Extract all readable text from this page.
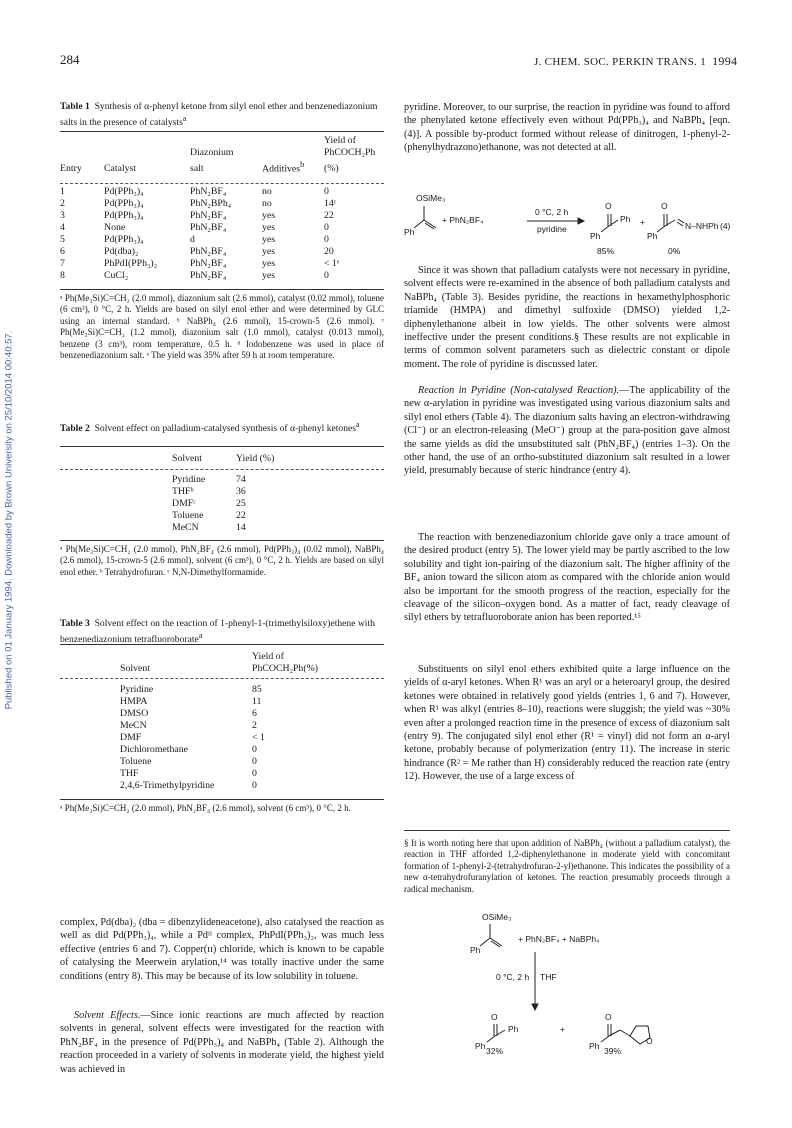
Published on 01 January 1994. Downloaded by Brown University on 25/10/2014 00:40:57.
284	J. CHEM. SOC. PERKIN TRANS. 1 1994
Table 1 Synthesis of α-phenyl ketone from silyl enol ether and benzenediazonium salts in the presence of catalysts$^a$
				Yield of
		Diazonium		PhCOCH₂Ph
Entry	Catalyst	salt	Additives$^b$	(%)
1	Pd(PPh₃)₄	PhN₂BF₄	no	0
2	Pd(PPh₃)₄	PhN₂BPh₄	no	14ᶜ
3	Pd(PPh₃)₄	PhN₂BF₄	yes	22
4	None	PhN₂BF₄	yes	0
5	Pd(PPh₃)₄	d	yes	0
6	Pd(dba)₂	PhN₂BF₄	yes	20
7	PhPdI(PPh₃)₂	PhN₂BF₄	yes	< 1ᵉ
8	CuCl₂	PhN₂BF₄	yes	0
ᵃ Ph(Me₃Si)C=CH₂ (2.0 mmol), diazonium salt (2.6 mmol), catalyst (0.02 mmol), toluene (6 cm³), 0 °C, 2 h. Yields are based on silyl enol ether and were determined by GLC using an internal standard. ᵇ NaBPh₄ (2.6 mmol), 15-crown-5 (2.6 mmol). ᶜ Ph(Me₃Si)C=CH₂ (1.2 mmol), diazonium salt (1.0 mmol), catalyst (0.013 mmol), benzene (3 cm³), room temperature, 0.5 h. ᵈ Iodobenzene was used in place of benzenediazonium salt. ᵉ The yield was 35% after 59 h at room temperature.
Table 2 Solvent effect on palladium-catalysed synthesis of α-phenyl ketones$^a$
Solvent	Yield (%)
Pyridine	74
THFᵇ	36
DMFᶜ	25
Toluene	22
MeCN	14
ᵃ Ph(Me₃Si)C=CH₂ (2.0 mmol), PhN₂BF₄ (2.6 mmol), Pd(PPh₃)₄ (0.02 mmol), NaBPh₄ (2.6 mmol), 15-crown-5 (2.6 mmol), solvent (6 cm³), 0 °C, 2 h. Yields are based on silyl enol ether. ᵇ Tetrahydrofuran. ᶜ N,N-Dimethylformamide.
Table 3 Solvent effect on the reaction of 1-phenyl-1-(trimethylsiloxy)ethene with benzenediazonium tetrafluoroborate$^a$
	Yield of
Solvent	PhCOCH₂Ph(%)
Pyridine	85
HMPA	11
DMSO	6
MeCN	2
DMF	< 1
Dichloromethane	0
Toluene	0
THF	0
2,4,6-Trimethylpyridine	0
ᵃ Ph(Me₃Si)C=CH₂ (2.0 mmol), PhN₂BF₄ (2.6 mmol), solvent (6 cm³), 0 °C, 2 h.
complex, Pd(dba)₂ (dba = dibenzylideneacetone), also catalysed the reaction as well as did Pd(PPh₃)₄, while a Pdᴵᴵ complex, PhPdI(PPh₃)₂, was much less effective (entries 6 and 7). Copper(ɪɪ) chloride, which is known to be capable of catalysing the Meerwein arylation,¹⁴ was totally inactive under the same conditions (entry 8). This may be because of its low solubility in toluene.
Solvent Effects.—Since ionic reactions are much affected by reaction solvents in general, solvent effects were investigated for the reaction with PhN₂BF₄ in the presence of Pd(PPh₃)₄ and NaBPh₄ (Table 2). Although the reaction proceeded in a variety of solvents in moderate yield, the highest yield was achieved in
pyridine. Moreover, to our surprise, the reaction in pyridine was found to afford the phenylated ketone effectively even without Pd(PPh₃)₄ and NaBPh₄ [eqn. (4)]. A possible by-product formed without release of dinitrogen, 1-phenyl-2-(phenylhydrazono)ethanone, was not detected at all.
OSiMe₃
Ph
+ PhN₂BF₄
0 °C, 2 h
pyridine
O
Ph
Ph +
O
Ph
N–NHPh (4)
85%	0%
Since it was shown that palladium catalysts were not necessary in pyridine, solvent effects were re-examined in the absence of both palladium catalysts and NaBPh₄ (Table 3). Besides pyridine, the reactions in hexamethylphosphoric triamide (HMPA) and dimethyl sulfoxide (DMSO) yielded 1,2-diphenylethanone albeit in low yields. The other solvents were almost ineffective under the present conditions.§ These results are not explicable in terms of common solvent parameters such as dielectric constant or dipole moment. The role of pyridine is discussed later.
Reaction in Pyridine (Non-catalysed Reaction).—The applicability of the new α-arylation in pyridine was investigated using various diazonium salts and silyl enol ethers (Table 4). The diazonium salts having an electron-withdrawing (Cl⁻) or an electron-releasing (MeO⁻) group at the para-position gave almost the same yields as did the unsubstituted salt (PhN₂BF₄) (entries 1–3). On the other hand, the use of an ortho-substituted diazonium salt resulted in a lower yield, presumably because of steric hindrance (entry 4).
The reaction with benzenediazonium chloride gave only a trace amount of the desired product (entry 5). The lower yield may be partly ascribed to the low solubility and tight ion-pairing of the diazonium salt. The higher affinity of the BF₄ anion toward the silicon atom as compared with the chloride anion would also be important for the smooth progress of the reaction, especially for the cleavage of the silicon–oxygen bond. As a matter of fact, ready cleavage of silyl ethers by tetrafluoroborate anion has been reported.¹⁵
Substituents on silyl enol ethers exhibited quite a large influence on the yields of α-aryl ketones. When R¹ was an aryl or a heteroaryl group, the desired ketones were obtained in relatively good yields (entries 1, 6 and 7). However, when R¹ was alkyl (entries 8–10), reactions were sluggish; the yield was ~30% even after a prolonged reaction time in the presence of excess of diazonium salt (entry 9). The conjugated silyl enol ether (R¹ = vinyl) did not form an α-aryl ketone, probably because of polymerization (entry 11). The increase in steric hindrance (R² = Me rather than H) considerably reduced the reaction rate (entry 12). However, the use of a large excess of
§ It is worth noting here that upon addition of NaBPh₄ (without a palladium catalyst), the reaction in THF afforded 1,2-diphenylethanone in moderate yield with concomitant formation of 1-phenyl-2-(tetrahydrofuran-2-yl)ethanone. This indicates the possibility of a new α-tetrahydrofuranylation of ketones. The reaction presumably proceeds through a radical mechanism.
OSiMe₃
Ph
+ PhN₂BF₄ + NaBPh₄
0 °C, 2 h THF
O
Ph
Ph	+
O
Ph	O
32%	39%
